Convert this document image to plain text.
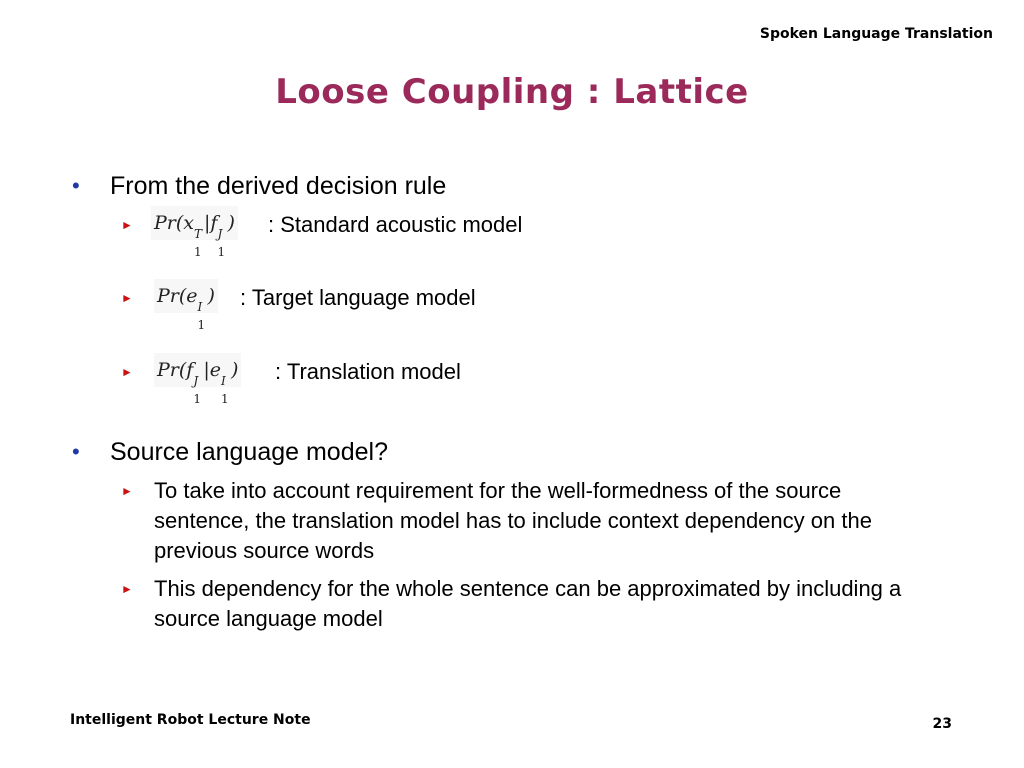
Spoken Language Translation
Loose Coupling : Lattice
• From the derived decision rule
► Pr(x T
1
|f J
1
) : Standard acoustic model
► Pr(e I
1
) : Target language model
► Pr(f J
1
|e I
1
) : Translation model
• Source language model?
► To take into account requirement for the well-formedness of the source sentence, the translation model has to include context dependency on the previous source words
► This dependency for the whole sentence can be approximated by including a source language model
Intelligent Robot Lecture Note	23
